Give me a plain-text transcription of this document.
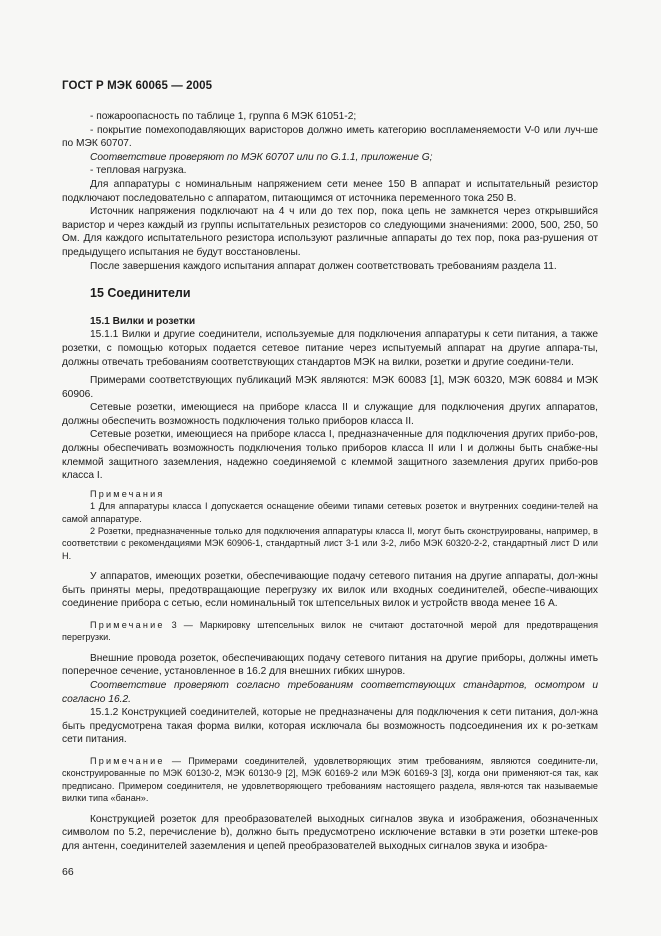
ГОСТ Р МЭК 60065 — 2005

- пожароопасность по таблице 1, группа 6 МЭК 61051-2;

- покрытие помехоподавляющих варисторов должно иметь категорию воспламеняемости V-0 или луч-ше по МЭК 60707.

Соответствие проверяют по МЭК 60707 или по G.1.1, приложение G;

- тепловая нагрузка.

Для аппаратуры с номинальным напряжением сети менее 150 В аппарат и испытательный резистор подключают последовательно с аппаратом, питающимся от источника переменного тока 250 В.

Источник напряжения подключают на 4 ч или до тех пор, пока цепь не замкнется через открывшийся варистор и через каждый из группы испытательных резисторов со следующими значениями: 2000, 500, 250, 50 Ом. Для каждого испытательного резистора используют различные аппараты до тех пор, пока раз-рушения от предыдущего испытания не будут восстановлены.

После завершения каждого испытания аппарат должен соответствовать требованиям раздела 11.

15 Соединители

15.1 Вилки и розетки

15.1.1 Вилки и другие соединители, используемые для подключения аппаратуры к сети питания, а также розетки, с помощью которых подается сетевое питание через испытуемый аппарат на другие аппара-ты, должны отвечать требованиям соответствующих стандартов МЭК на вилки, розетки и другие соедини-тели.

Примерами соответствующих публикаций МЭК являются: МЭК 60083 [1], МЭК 60320, МЭК 60884 и МЭК 60906.

Сетевые розетки, имеющиеся на приборе класса II и служащие для подключения других аппаратов, должны обеспечить возможность подключения только приборов класса II.

Сетевые розетки, имеющиеся на приборе класса I, предназначенные для подключения других прибо-ров, должны обеспечивать возможность подключения только приборов класса II или I и должны быть снабже-ны клеммой защитного заземления, надежно соединяемой с клеммой защитного заземления других прибо-ров класса I.

Примечания

1 Для аппаратуры класса I допускается оснащение обеими типами сетевых розеток и внутренних соедини-телей на самой аппаратуре.

2 Розетки, предназначенные только для подключения аппаратуры класса II, могут быть сконструированы, например, в соответствии с рекомендациями МЭК 60906-1, стандартный лист 3-1 или 3-2, либо МЭК 60320-2-2, стандартный лист D или H.

У аппаратов, имеющих розетки, обеспечивающие подачу сетевого питания на другие аппараты, дол-жны быть приняты меры, предотвращающие перегрузку их вилок или входных соединителей, обеспе-чивающих соединение прибора с сетью, если номинальный ток штепсельных вилок и устройств ввода менее 16 А.

Примечание 3 — Маркировку штепсельных вилок не считают достаточной мерой для предотвращения перегрузки.

Внешние провода розеток, обеспечивающих подачу сетевого питания на другие приборы, должны иметь поперечное сечение, установленное в 16.2 для внешних гибких шнуров.

Соответствие проверяют согласно требованиям соответствующих стандартов, осмотром и согласно 16.2.

15.1.2 Конструкцией соединителей, которые не предназначены для подключения к сети питания, дол-жна быть предусмотрена такая форма вилки, которая исключала бы возможность подсоединения их к ро-зеткам сети питания.

Примечание — Примерами соединителей, удовлетворяющих этим требованиям, являются соедините-ли, сконструированные по МЭК 60130-2, МЭК 60130-9 [2], МЭК 60169-2 или МЭК 60169-3 [3], когда они применяют-ся так, как предписано. Примером соединителя, не удовлетворяющего требованиям настоящего раздела, явля-ются так называемые вилки типа «банан».

Конструкцией розеток для преобразователей выходных сигналов звука и изображения, обозначенных символом по 5.2, перечисление b), должно быть предусмотрено исключение вставки в эти розетки штеке-ров для антенн, соединителей заземления и цепей преобразователей выходных сигналов звука и изобра-

66
